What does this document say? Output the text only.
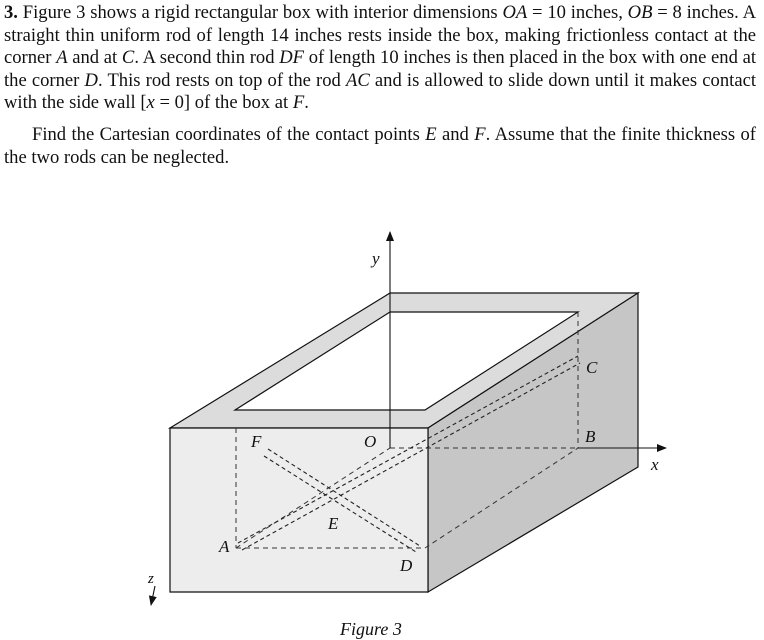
3. Figure 3 shows a rigid rectangular box with interior dimensions OA = 10 inches, OB = 8 inches. A straight thin uniform rod of length 14 inches rests inside the box, making frictionless contact at the corner A and at C. A second thin rod DF of length 10 inches is then placed in the box with one end at the corner D. This rod rests on top of the rod AC and is allowed to slide down until it makes contact with the side wall [x = 0] of the box at F.

Find the Cartesian coordinates of the contact points E and F. Assume that the finite thickness of the two rods can be neglected.

y
x
z
O
A
B
C
D
E
F
Figure 3
